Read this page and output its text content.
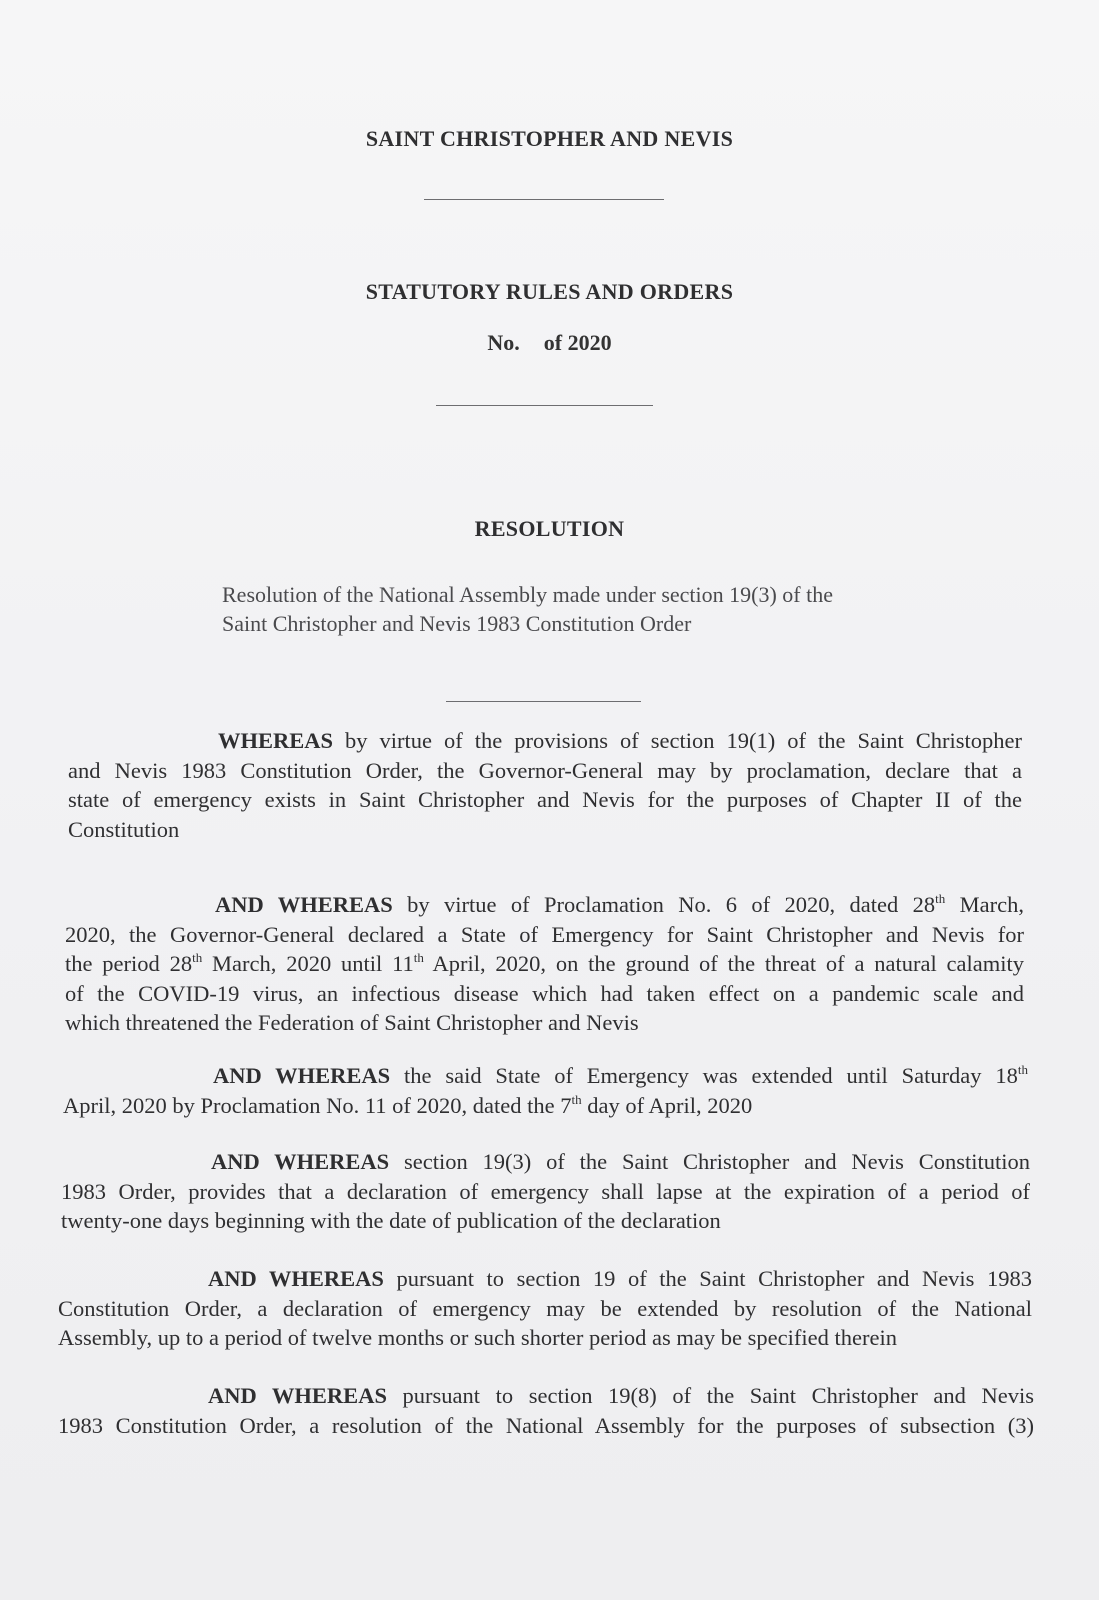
SAINT CHRISTOPHER AND NEVIS
STATUTORY RULES AND ORDERS
No. of 2020
RESOLUTION
Resolution of the National Assembly made under section 19(3) of the
Saint Christopher and Nevis 1983 Constitution Order
WHEREAS by virtue of the provisions of section 19(1) of the Saint Christopher
and Nevis 1983 Constitution Order, the Governor-General may by proclamation, declare that a
state of emergency exists in Saint Christopher and Nevis for the purposes of Chapter II of the
Constitution
AND WHEREAS by virtue of Proclamation No. 6 of 2020, dated 28th March,
2020, the Governor-General declared a State of Emergency for Saint Christopher and Nevis for
the period 28th March, 2020 until 11th April, 2020, on the ground of the threat of a natural calamity
of the COVID-19 virus, an infectious disease which had taken effect on a pandemic scale and
which threatened the Federation of Saint Christopher and Nevis
AND WHEREAS the said State of Emergency was extended until Saturday 18th
April, 2020 by Proclamation No. 11 of 2020, dated the 7th day of April, 2020
AND WHEREAS section 19(3) of the Saint Christopher and Nevis Constitution
1983 Order, provides that a declaration of emergency shall lapse at the expiration of a period of
twenty-one days beginning with the date of publication of the declaration
AND WHEREAS pursuant to section 19 of the Saint Christopher and Nevis 1983
Constitution Order, a declaration of emergency may be extended by resolution of the National
Assembly, up to a period of twelve months or such shorter period as may be specified therein
AND WHEREAS pursuant to section 19(8) of the Saint Christopher and Nevis
1983 Constitution Order, a resolution of the National Assembly for the purposes of subsection (3)
